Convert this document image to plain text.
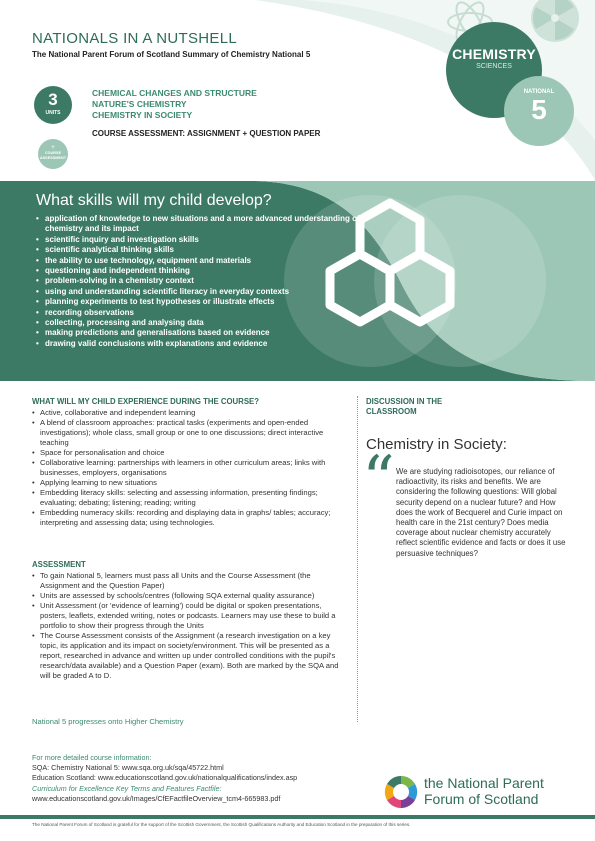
NATIONALS IN A NUTSHELL
The National Parent Forum of Scotland Summary of Chemistry National 5
3
UNITS
CHEMICAL CHANGES AND STRUCTURE
NATURE'S CHEMISTRY
CHEMISTRY IN SOCIETY
+
COURSE
ASSESSMENT
COURSE ASSESSMENT: ASSIGNMENT + QUESTION PAPER
CHEMISTRY
SCIENCES
NATIONAL
5
What skills will my child develop?
• application of knowledge to new situations and a more advanced understanding of chemistry and its impact
• scientific inquiry and investigation skills
• scientific analytical thinking skills
• the ability to use technology, equipment and materials
• questioning and independent thinking
• problem-solving in a chemistry context
• using and understanding scientific literacy in everyday contexts
• planning experiments to test hypotheses or illustrate effects
• recording observations
• collecting, processing and analysing data
• making predictions and generalisations based on evidence
• drawing valid conclusions with explanations and evidence
WHAT WILL MY CHILD EXPERIENCE DURING THE COURSE?
• Active, collaborative and independent learning
• A blend of classroom approaches: practical tasks (experiments and open-ended investigations); whole class, small group or one to one discussions; direct interactive teaching
• Space for personalisation and choice
• Collaborative learning: partnerships with learners in other curriculum areas; links with businesses, employers, organisations
• Applying learning to new situations
• Embedding literacy skills: selecting and assessing information, presenting findings; evaluating; debating; listening; reading; writing
• Embedding numeracy skills: recording and displaying data in graphs/ tables; accuracy; interpreting and assessing data; using technologies.
ASSESSMENT
• To gain National 5, learners must pass all Units and the Course Assessment (the Assignment and the Question Paper)
• Units are assessed by schools/centres (following SQA external quality assurance)
• Unit Assessment (or 'evidence of learning') could be digital or spoken presentations, posters, leaflets, extended writing, notes or podcasts. Learners may use these to build a portfolio to show their progress through the Units
• The Course Assessment consists of the Assignment (a research investigation on a key topic, its application and its impact on society/environment. This will be presented as a report, researched in advance and written up under controlled conditions with the pupil's research/data available) and a Question Paper (exam). Both are marked by the SQA and will be graded A to D.
National 5 progresses onto Higher Chemistry
DISCUSSION IN THE
CLASSROOM
Chemistry in Society:
“ We are studying radioisotopes, our reliance of radioactivity, its risks and benefits. We are considering the following questions: Will global security depend on a nuclear future? and How does the work of Becquerel and Curie impact on health care in the 21st century? Does media coverage about nuclear chemistry accurately reflect scientific evidence and facts or does it use persuasive techniques?
For more detailed course information:
SQA: Chemistry National 5: www.sqa.org.uk/sqa/45722.html
Education Scotland: www.educationscotland.gov.uk/nationalqualifications/index.asp
Curriculum for Excellence Key Terms and Features Factfile:
www.educationscotland.gov.uk/Images/CfEFactfileOverview_tcm4-665983.pdf
the National Parent
Forum of Scotland
The National Parent Forum of Scotland is grateful for the support of the Scottish Government, the Scottish Qualifications Authority and Education Scotland in the preparation of this series.
